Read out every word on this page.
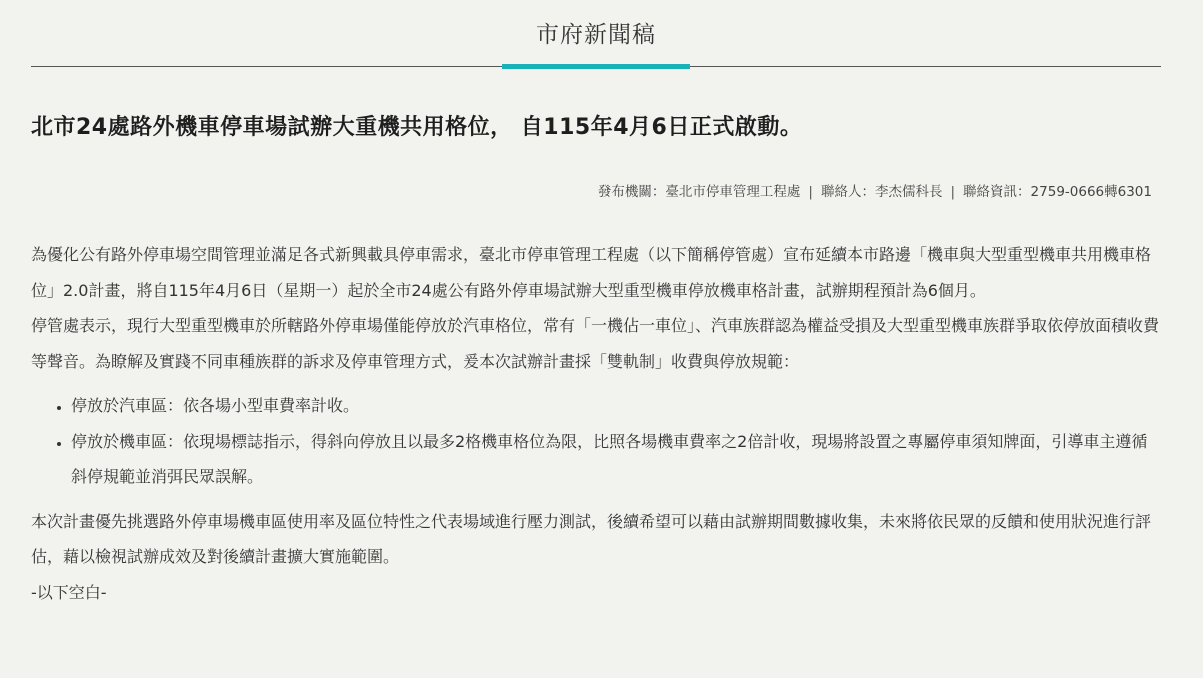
市府新聞稿
北市24處路外機車停車場試辦大重機共用格位， 自115年4月6日正式啟動。
發布機關：臺北市停車管理工程處 | 聯絡人：李杰儒科長 | 聯絡資訊：2759-0666轉6301

為優化公有路外停車場空間管理並滿足各式新興載具停車需求，臺北市停車管理工程處（以下簡稱停管處）宣布延續本市路邊「機車與大型重型機車共用機車格位」2.0計畫，將自115年4月6日（星期一）起於全市24處公有路外停車場試辦大型重型機車停放機車格計畫，試辦期程預計為6個月。

停管處表示，現行大型重型機車於所轄路外停車場僅能停放於汽車格位，常有「一機佔一車位」、汽車族群認為權益受損及大型重型機車族群爭取依停放面積收費等聲音。為瞭解及實踐不同車種族群的訴求及停車管理方式，爰本次試辦計畫採「雙軌制」收費與停放規範：

• 停放於汽車區：依各場小型車費率計收。
• 停放於機車區：依現場標誌指示，得斜向停放且以最多2格機車格位為限，比照各場機車費率之2倍計收，現場將設置之專屬停車須知牌面，引導車主遵循斜停規範並消弭民眾誤解。

本次計畫優先挑選路外停車場機車區使用率及區位特性之代表場域進行壓力測試，後續希望可以藉由試辦期間數據收集，未來將依民眾的反饋和使用狀況進行評估，藉以檢視試辦成效及對後續計畫擴大實施範圍。

-以下空白-
